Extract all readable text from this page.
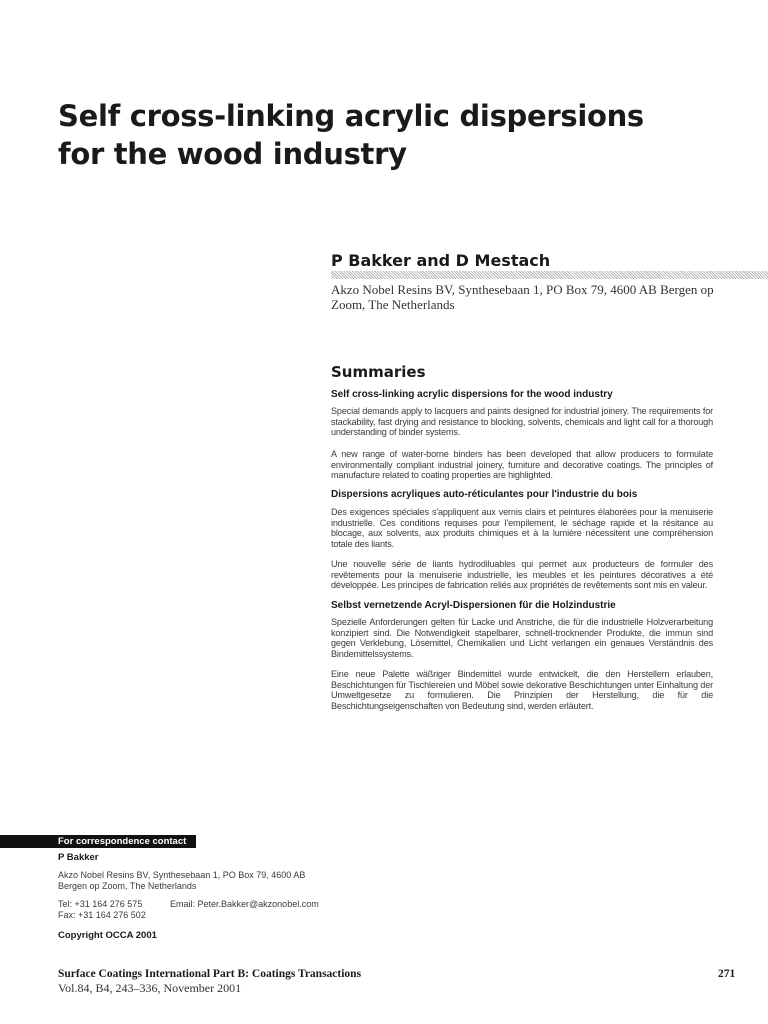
Self cross-linking acrylic dispersions for the wood industry
P Bakker and D Mestach
Akzo Nobel Resins BV, Synthesebaan 1, PO Box 79, 4600 AB Bergen op Zoom, The Netherlands
Summaries
Self cross-linking acrylic dispersions for the wood industry
Special demands apply to lacquers and paints designed for industrial joinery. The requirements for stackability, fast drying and resistance to blocking, solvents, chemicals and light call for a thorough understanding of binder systems.
A new range of water-borne binders has been developed that allow producers to formulate environmentally compliant industrial joinery, furniture and decorative coatings. The principles of manufacture related to coating properties are highlighted.
Dispersions acryliques auto-réticulantes pour l'industrie du bois
Des exigences spéciales s'appliquent aux vernis clairs et peintures élaborées pour la menuiserie industrielle. Ces conditions requises pour l'empilement, le séchage rapide et la résitance au blocage, aux solvents, aux produits chimiques et à la lumière nécessitent une compréhension totale des liants.
Une nouvelle série de liants hydrodiluables qui permet aux producteurs de formuler des revêtements pour la menuiserie industrielle, les meubles et les peintures décoratives a été développée. Les principes de fabrication reliés aux propriétés de revêtements sont mis en valeur.
Selbst vernetzende Acryl-Dispersionen für die Holzindustrie
Spezielle Anforderungen gelten für Lacke und Anstriche, die für die industrielle Holzverarbeitung konzipiert sind. Die Notwendigkeit stapelbarer, schnell-trocknender Produkte, die immun sind gegen Verklebung, Lösemittel, Chemikalien und Licht verlangen ein genaues Verständnis des Bindemittelssystems.
Eine neue Palette wäßriger Bindemittel wurde entwickelt, die den Herstellern erlauben, Beschichtungen für Tischlereien und Möbel sowie dekorative Beschichtungen unter Einhaltung der Umweltgesetze zu formulieren. Die Prinzipien der Herstellung, die für die Beschichtungseigenschaften von Bedeutung sind, werden erläutert.
For correspondence contact
P Bakker
Akzo Nobel Resins BV, Synthesebaan 1, PO Box 79, 4600 AB
Bergen op Zoom, The Netherlands
Tel: +31 164 276 575	Email: Peter.Bakker@akzonobel.com
Fax: +31 164 276 502
Copyright OCCA 2001
Surface Coatings International Part B: Coatings Transactions
Vol.84, B4, 243–336, November 2001
271
